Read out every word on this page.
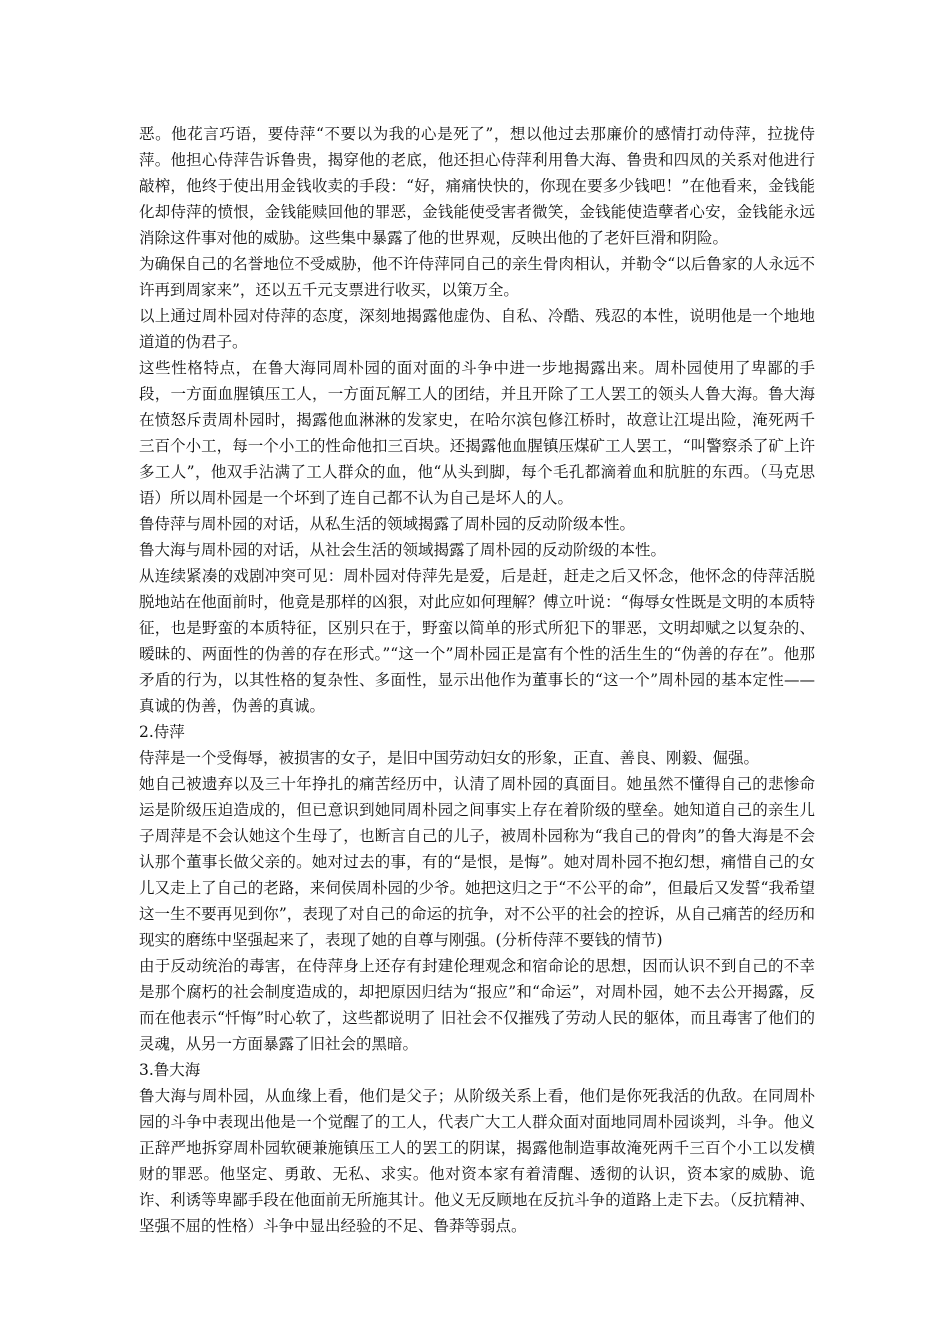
恶。他花言巧语，要侍萍“不要以为我的心是死了”，想以他过去那廉价的感情打动侍萍，拉拢侍萍。他担心侍萍告诉鲁贵，揭穿他的老底，他还担心侍萍利用鲁大海、鲁贵和四凤的关系对他进行敲榨，他终于使出用金钱收卖的手段：“好，痛痛快快的，你现在要多少钱吧！”在他看来，金钱能化却侍萍的愤恨，金钱能赎回他的罪恶，金钱能使受害者微笑，金钱能使造孽者心安，金钱能永远消除这件事对他的威胁。这些集中暴露了他的世界观，反映出他的了老奸巨滑和阴险。

为确保自己的名誉地位不受威胁，他不许侍萍同自己的亲生骨肉相认，并勒令“以后鲁家的人永远不许再到周家来”，还以五千元支票进行收买，以策万全。

以上通过周朴园对侍萍的态度，深刻地揭露他虚伪、自私、冷酷、残忍的本性，说明他是一个地地道道的伪君子。

这些性格特点，在鲁大海同周朴园的面对面的斗争中进一步地揭露出来。周朴园使用了卑鄙的手段，一方面血腥镇压工人，一方面瓦解工人的团结，并且开除了工人罢工的领头人鲁大海。鲁大海在愤怒斥责周朴园时，揭露他血淋淋的发家史，在哈尔滨包修江桥时，故意让江堤出险，淹死两千三百个小工，每一个小工的性命他扣三百块。还揭露他血腥镇压煤矿工人罢工，“叫警察杀了矿上许多工人”，他双手沾满了工人群众的血，他“从头到脚，每个毛孔都滴着血和肮脏的东西。（马克思语）所以周朴园是一个坏到了连自己都不认为自己是坏人的人。

鲁侍萍与周朴园的对话，从私生活的领域揭露了周朴园的反动阶级本性。

鲁大海与周朴园的对话，从社会生活的领域揭露了周朴园的反动阶级的本性。

从连续紧凑的戏剧冲突可见：周朴园对侍萍先是爱，后是赶，赶走之后又怀念，他怀念的侍萍活脱脱地站在他面前时，他竟是那样的凶狠，对此应如何理解？傅立叶说：“侮辱女性既是文明的本质特征，也是野蛮的本质特征，区别只在于，野蛮以简单的形式所犯下的罪恶，文明却赋之以复杂的、暧昧的、两面性的伪善的存在形式。”“这一个”周朴园正是富有个性的活生生的“伪善的存在”。他那矛盾的行为，以其性格的复杂性、多面性，显示出他作为董事长的“这一个”周朴园的基本定性——真诚的伪善，伪善的真诚。

2.侍萍

侍萍是一个受侮辱，被损害的女子，是旧中国劳动妇女的形象，正直、善良、刚毅、倔强。

她自己被遗弃以及三十年挣扎的痛苦经历中，认清了周朴园的真面目。她虽然不懂得自己的悲惨命运是阶级压迫造成的，但已意识到她同周朴园之间事实上存在着阶级的壁垒。她知道自己的亲生儿子周萍是不会认她这个生母了，也断言自己的儿子，被周朴园称为“我自己的骨肉”的鲁大海是不会认那个董事长做父亲的。她对过去的事，有的“是恨，是悔”。她对周朴园不抱幻想，痛惜自己的女儿又走上了自己的老路，来伺侯周朴园的少爷。她把这归之于“不公平的命”，但最后又发誓“我希望这一生不要再见到你”，表现了对自己的命运的抗争，对不公平的社会的控诉，从自己痛苦的经历和现实的磨练中坚强起来了，表现了她的自尊与刚强。(分析侍萍不要钱的情节)

由于反动统治的毒害，在侍萍身上还存有封建伦理观念和宿命论的思想，因而认识不到自己的不幸是那个腐朽的社会制度造成的，却把原因归结为“报应”和“命运”，对周朴园，她不去公开揭露，反而在他表示“忏悔”时心软了，这些都说明了 旧社会不仅摧残了劳动人民的躯体，而且毒害了他们的灵魂，从另一方面暴露了旧社会的黑暗。

3.鲁大海

鲁大海与周朴园，从血缘上看，他们是父子；从阶级关系上看，他们是你死我活的仇敌。在同周朴园的斗争中表现出他是一个觉醒了的工人，代表广大工人群众面对面地同周朴园谈判，斗争。他义正辞严地拆穿周朴园软硬兼施镇压工人的罢工的阴谋，揭露他制造事故淹死两千三百个小工以发横财的罪恶。他坚定、勇敢、无私、求实。他对资本家有着清醒、透彻的认识，资本家的威胁、诡诈、利诱等卑鄙手段在他面前无所施其计。他义无反顾地在反抗斗争的道路上走下去。（反抗精神、坚强不屈的性格）斗争中显出经验的不足、鲁莽等弱点。
